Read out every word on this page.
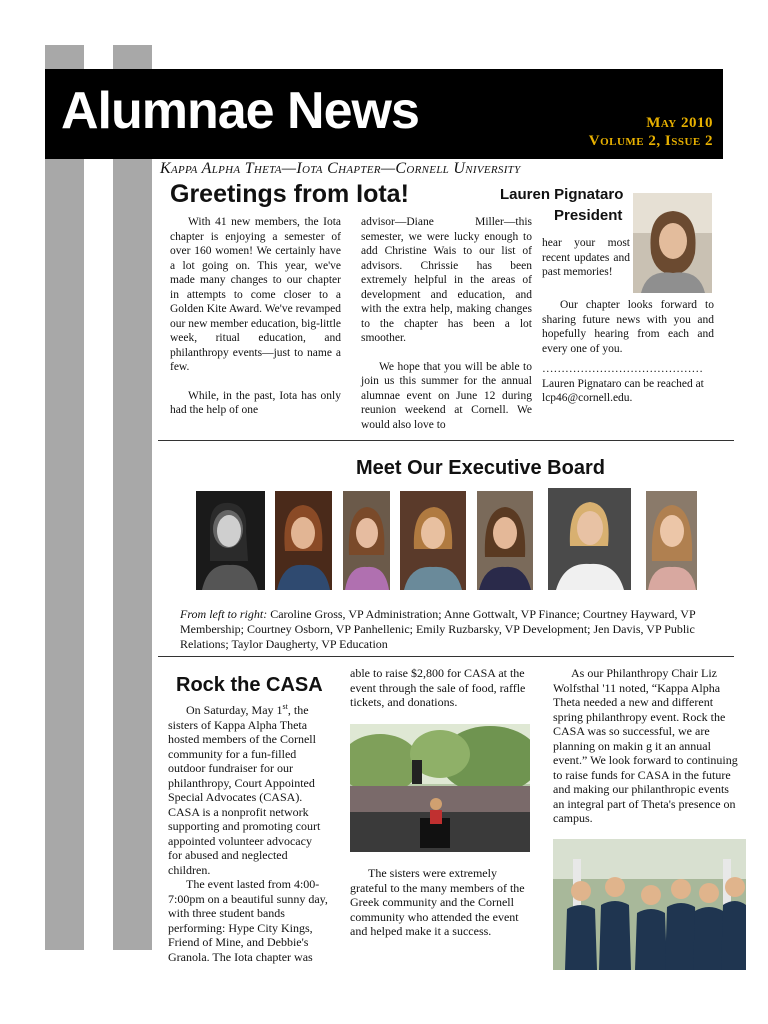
Alumnae News	May 2010
Volume 2, Issue 2
Kappa Alpha Theta—Iota Chapter—Cornell University
Greetings from Iota!	Lauren Pignataro
President

With 41 new members, the Iota chapter is enjoying a semester of over 160 women! We certainly have a lot going on. This year, we've made many changes to our chapter in attempts to come closer to a Golden Kite Award. We've revamped our new member education, big-little week, ritual education, and philanthropy events—just to name a few.

While, in the past, Iota has only had the help of one

advisor—Diane Miller—this semester, we were lucky enough to add Christine Wais to our list of advisors. Chrissie has been extremely helpful in the areas of development and education, and with the extra help, making changes to the chapter has been a lot smoother.

We hope that you will be able to join us this summer for the annual alumnae event on June 12 during reunion weekend at Cornell. We would also love to

hear your most recent updates and past memories!

Our chapter looks forward to sharing future news with you and hopefully hearing from each and every one of you.

……………………………………

Lauren Pignataro can be reached at lcp46@cornell.edu.

Meet Our Executive Board
From left to right: Caroline Gross, VP Administration; Anne Gottwalt, VP Finance; Courtney Hayward, VP Membership; Courtney Osborn, VP Panhellenic; Emily Ruzbarsky, VP Development; Jen Davis, VP Public Relations; Taylor Daugherty, VP Education
Rock the CASA

On Saturday, May 1st, the sisters of Kappa Alpha Theta hosted members of the Cornell community for a fun-filled outdoor fundraiser for our philanthropy, Court Appointed Special Advocates (CASA). CASA is a nonprofit network supporting and promoting court appointed volunteer advocacy for abused and neglected children.

The event lasted from 4:00-7:00pm on a beautiful sunny day, with three student bands performing: Hype City Kings, Friend of Mine, and Debbie's Granola. The Iota chapter was

able to raise $2,800 for CASA at the event through the sale of food, raffle tickets, and donations.

The sisters were extremely grateful to the many members of the Greek community and the Cornell community who attended the event and helped make it a success.

As our Philanthropy Chair Liz Wolfsthal '11 noted, “Kappa Alpha Theta needed a new and different spring philanthropy event. Rock the CASA was so successful, we are planning on makin g it an annual event.” We look forward to continuing to raise funds for CASA in the future and making our philanthropic events an integral part of Theta's presence on campus.
